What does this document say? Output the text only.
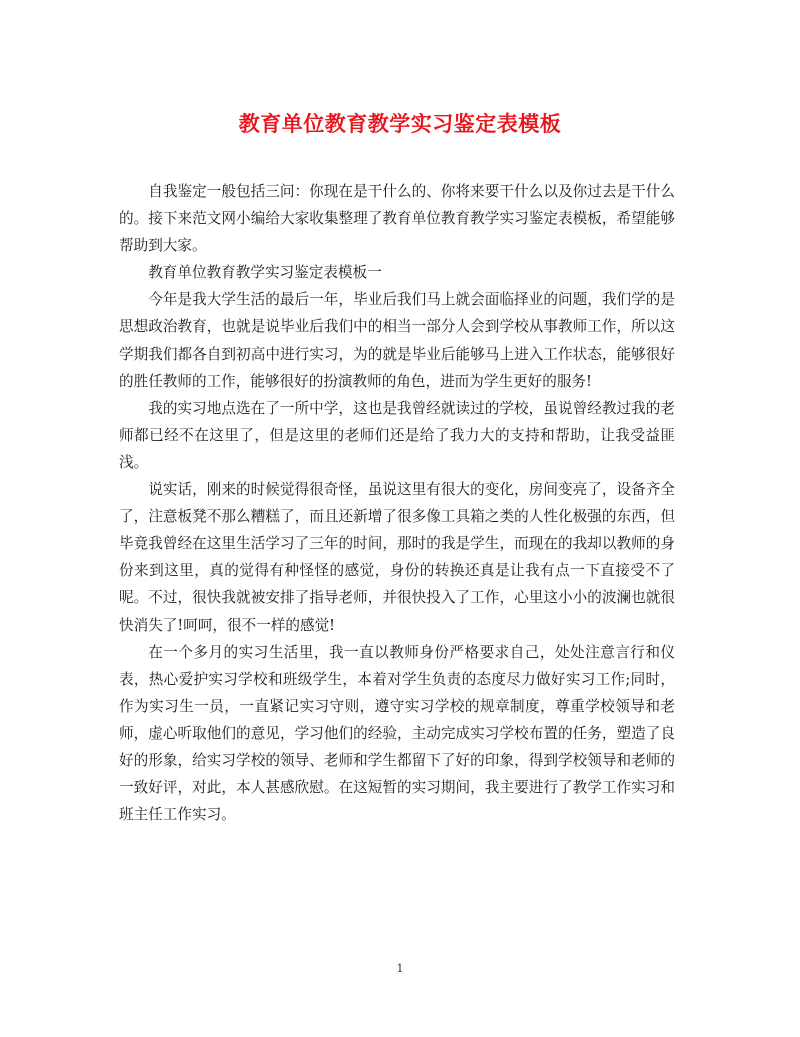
教育单位教育教学实习鉴定表模板

自我鉴定一般包括三问：你现在是干什么的、你将来要干什么以及你过去是干什么的。接下来范文网小编给大家收集整理了教育单位教育教学实习鉴定表模板，希望能够帮助到大家。

教育单位教育教学实习鉴定表模板一

今年是我大学生活的最后一年，毕业后我们马上就会面临择业的问题，我们学的是思想政治教育，也就是说毕业后我们中的相当一部分人会到学校从事教师工作，所以这学期我们都各自到初高中进行实习，为的就是毕业后能够马上进入工作状态，能够很好的胜任教师的工作，能够很好的扮演教师的角色，进而为学生更好的服务!

我的实习地点选在了一所中学，这也是我曾经就读过的学校，虽说曾经教过我的老师都已经不在这里了，但是这里的老师们还是给了我力大的支持和帮助，让我受益匪浅。

说实话，刚来的时候觉得很奇怪，虽说这里有很大的变化，房间变亮了，设备齐全了，注意板凳不那么糟糕了，而且还新增了很多像工具箱之类的人性化极强的东西，但毕竟我曾经在这里生活学习了三年的时间，那时的我是学生，而现在的我却以教师的身份来到这里，真的觉得有种怪怪的感觉，身份的转换还真是让我有点一下直接受不了呢。不过，很快我就被安排了指导老师，并很快投入了工作，心里这小小的波澜也就很快消失了!呵呵，很不一样的感觉!

在一个多月的实习生活里，我一直以教师身份严格要求自己，处处注意言行和仪表，热心爱护实习学校和班级学生，本着对学生负责的态度尽力做好实习工作;同时，作为实习生一员，一直紧记实习守则，遵守实习学校的规章制度，尊重学校领导和老师，虚心听取他们的意见，学习他们的经验，主动完成实习学校布置的任务，塑造了良好的形象，给实习学校的领导、老师和学生都留下了好的印象，得到学校领导和老师的一致好评，对此，本人甚感欣慰。在这短暂的实习期间，我主要进行了教学工作实习和班主任工作实习。

1
